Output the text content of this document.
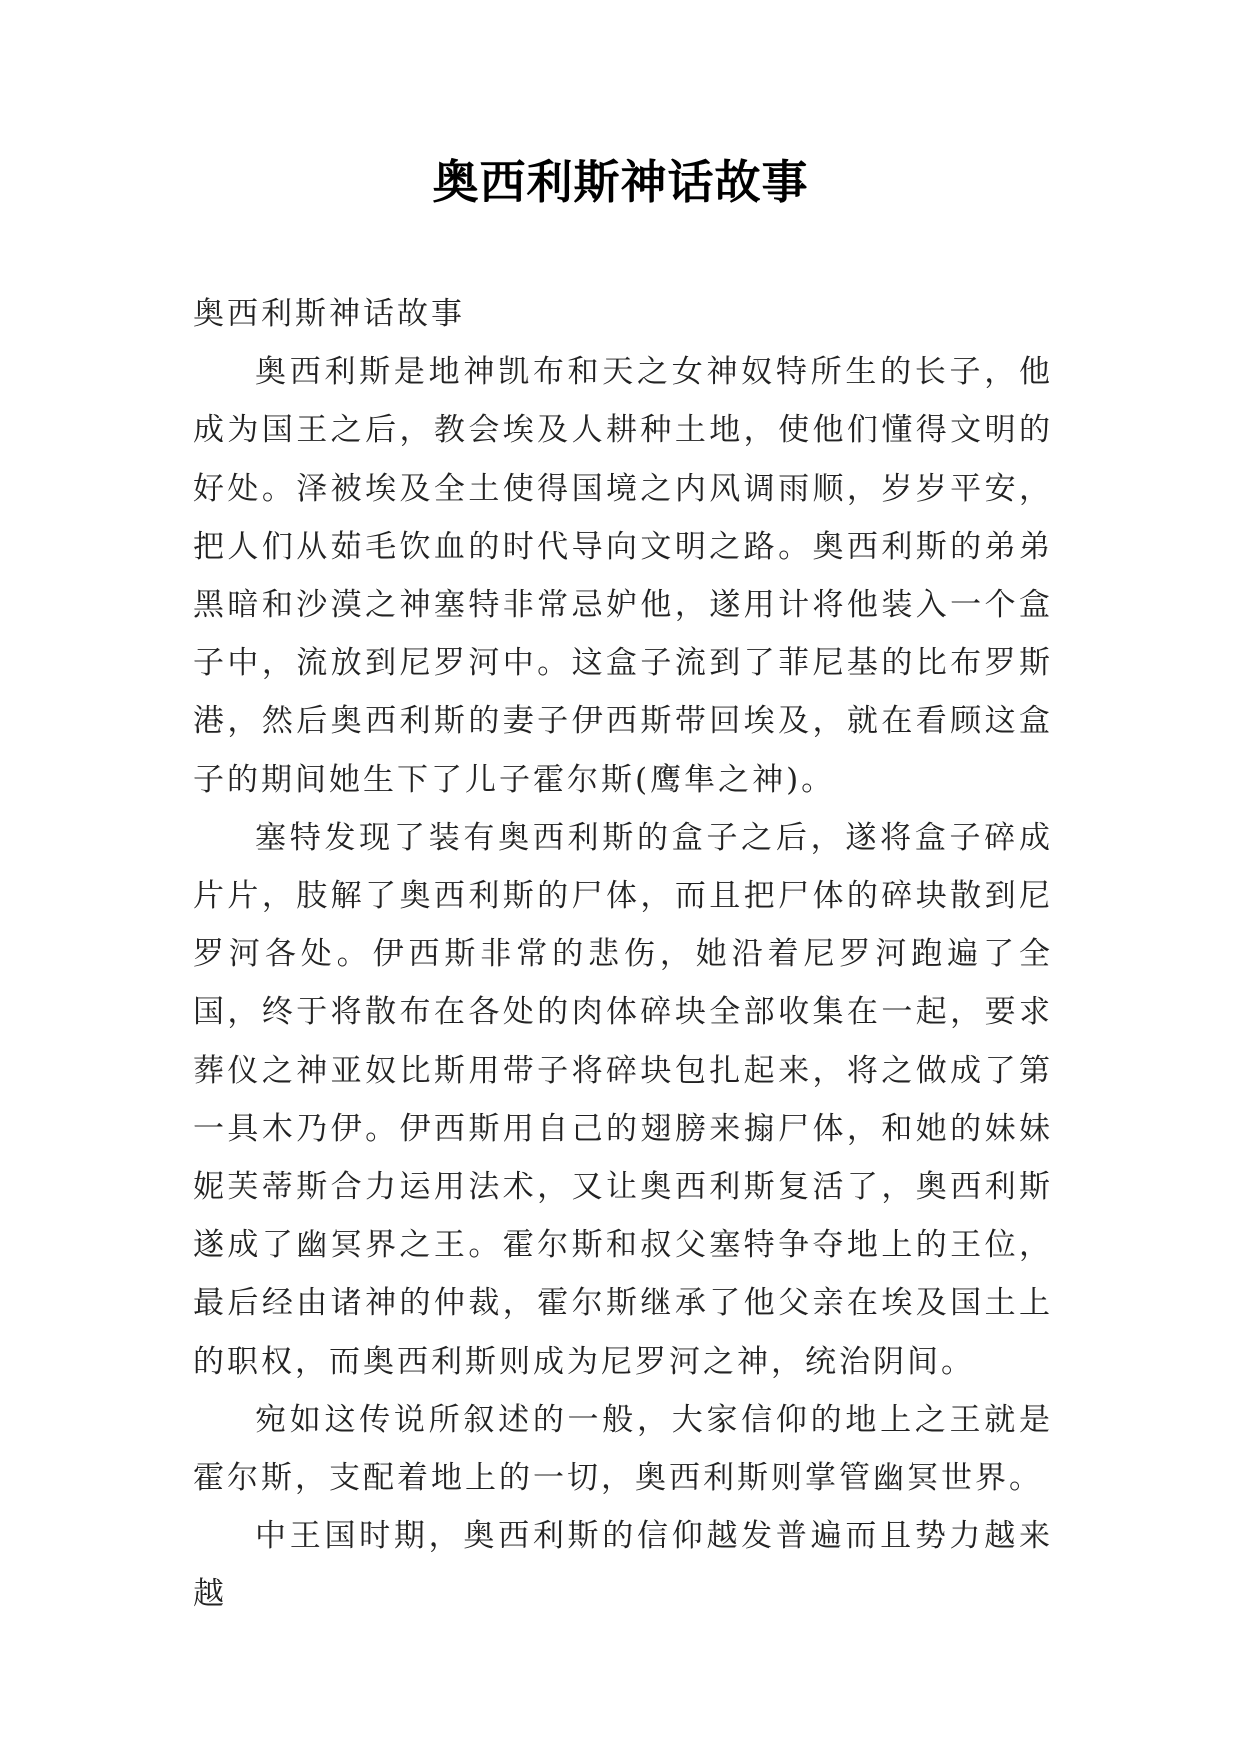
奥西利斯神话故事

奥西利斯神话故事

奥西利斯是地神凯布和天之女神奴特所生的长子，他成为国王之后，教会埃及人耕种土地，使他们懂得文明的好处。泽被埃及全土使得国境之内风调雨顺，岁岁平安，把人们从茹毛饮血的时代导向文明之路。奥西利斯的弟弟黑暗和沙漠之神塞特非常忌妒他，遂用计将他装入一个盒子中，流放到尼罗河中。这盒子流到了菲尼基的比布罗斯港，然后奥西利斯的妻子伊西斯带回埃及，就在看顾这盒子的期间她生下了儿子霍尔斯(鹰隼之神)。

塞特发现了装有奥西利斯的盒子之后，遂将盒子碎成片片，肢解了奥西利斯的尸体，而且把尸体的碎块散到尼罗河各处。伊西斯非常的悲伤，她沿着尼罗河跑遍了全国，终于将散布在各处的肉体碎块全部收集在一起，要求葬仪之神亚奴比斯用带子将碎块包扎起来，将之做成了第一具木乃伊。伊西斯用自己的翅膀来搧尸体，和她的妹妹妮芙蒂斯合力运用法术，又让奥西利斯复活了，奥西利斯遂成了幽冥界之王。霍尔斯和叔父塞特争夺地上的王位，最后经由诸神的仲裁，霍尔斯继承了他父亲在埃及国土上的职权，而奥西利斯则成为尼罗河之神，统治阴间。

宛如这传说所叙述的一般，大家信仰的地上之王就是霍尔斯，支配着地上的一切，奥西利斯则掌管幽冥世界。

中王国时期，奥西利斯的信仰越发普遍而且势力越来越
